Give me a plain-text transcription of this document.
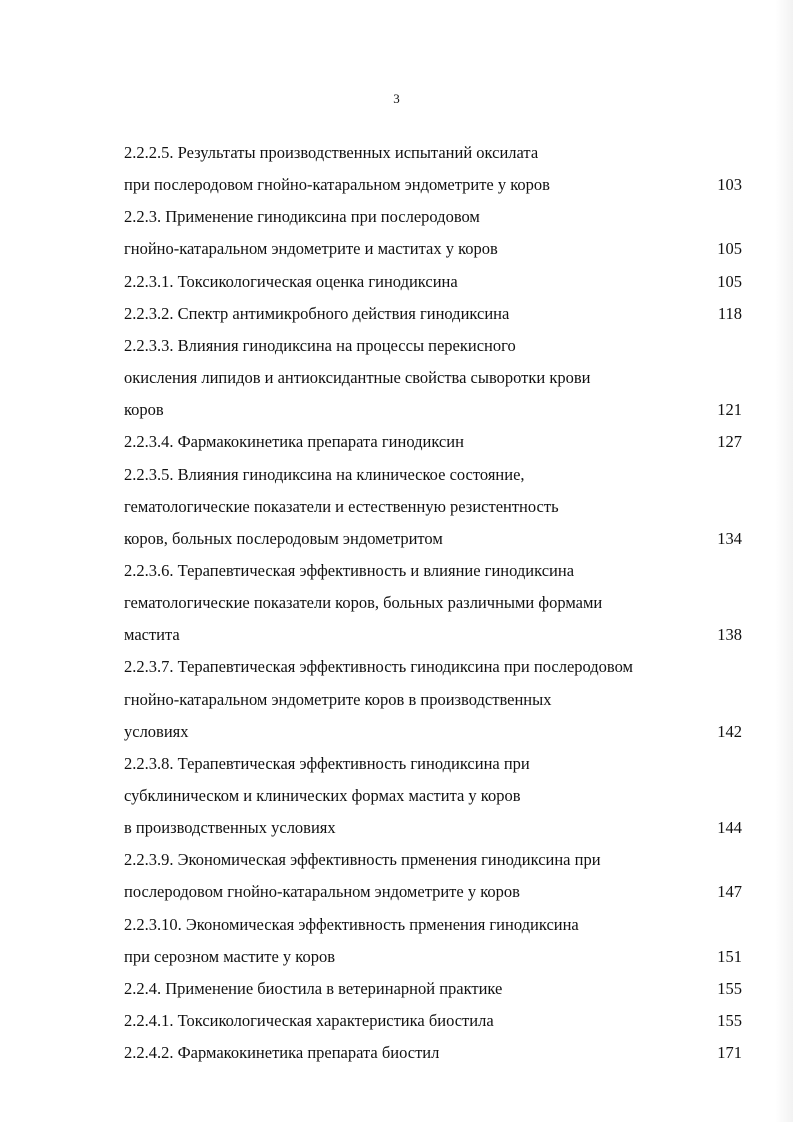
3
2.2.2.5. Результаты производственных испытаний оксилата
при послеродовом гнойно-катаральном эндометрите у коров	103
2.2.3. Применение гинодиксина при послеродовом
гнойно-катаральном эндометрите и маститах у коров	105
2.2.3.1. Токсикологическая оценка гинодиксина	105
2.2.3.2. Спектр антимикробного действия гинодиксина	118
2.2.3.3. Влияния гинодиксина на процессы перекисного
окисления липидов и антиоксидантные свойства сыворотки крови
коров	121
2.2.3.4. Фармакокинетика препарата гинодиксин	127
2.2.3.5. Влияния гинодиксина на клиническое состояние,
гематологические показатели и естественную резистентность
коров, больных послеродовым эндометритом	134
2.2.3.6. Терапевтическая эффективность и влияние гинодиксина
гематологические показатели коров, больных различными формами
мастита	138
2.2.3.7. Терапевтическая эффективность гинодиксина при послеродовом
гнойно-катаральном эндометрите коров в производственных
условиях	142
2.2.3.8. Терапевтическая эффективность гинодиксина при
субклиническом и клинических формах мастита у коров
в производственных условиях	144
2.2.3.9. Экономическая эффективность прменения гинодиксина при
послеродовом гнойно-катаральном эндометрите у коров	147
2.2.3.10. Экономическая эффективность прменения гинодиксина
при серозном мастите у коров	151
2.2.4. Применение биостила в ветеринарной практике	155
2.2.4.1. Токсикологическая характеристика биостила	155
2.2.4.2. Фармакокинетика препарата биостил	171
